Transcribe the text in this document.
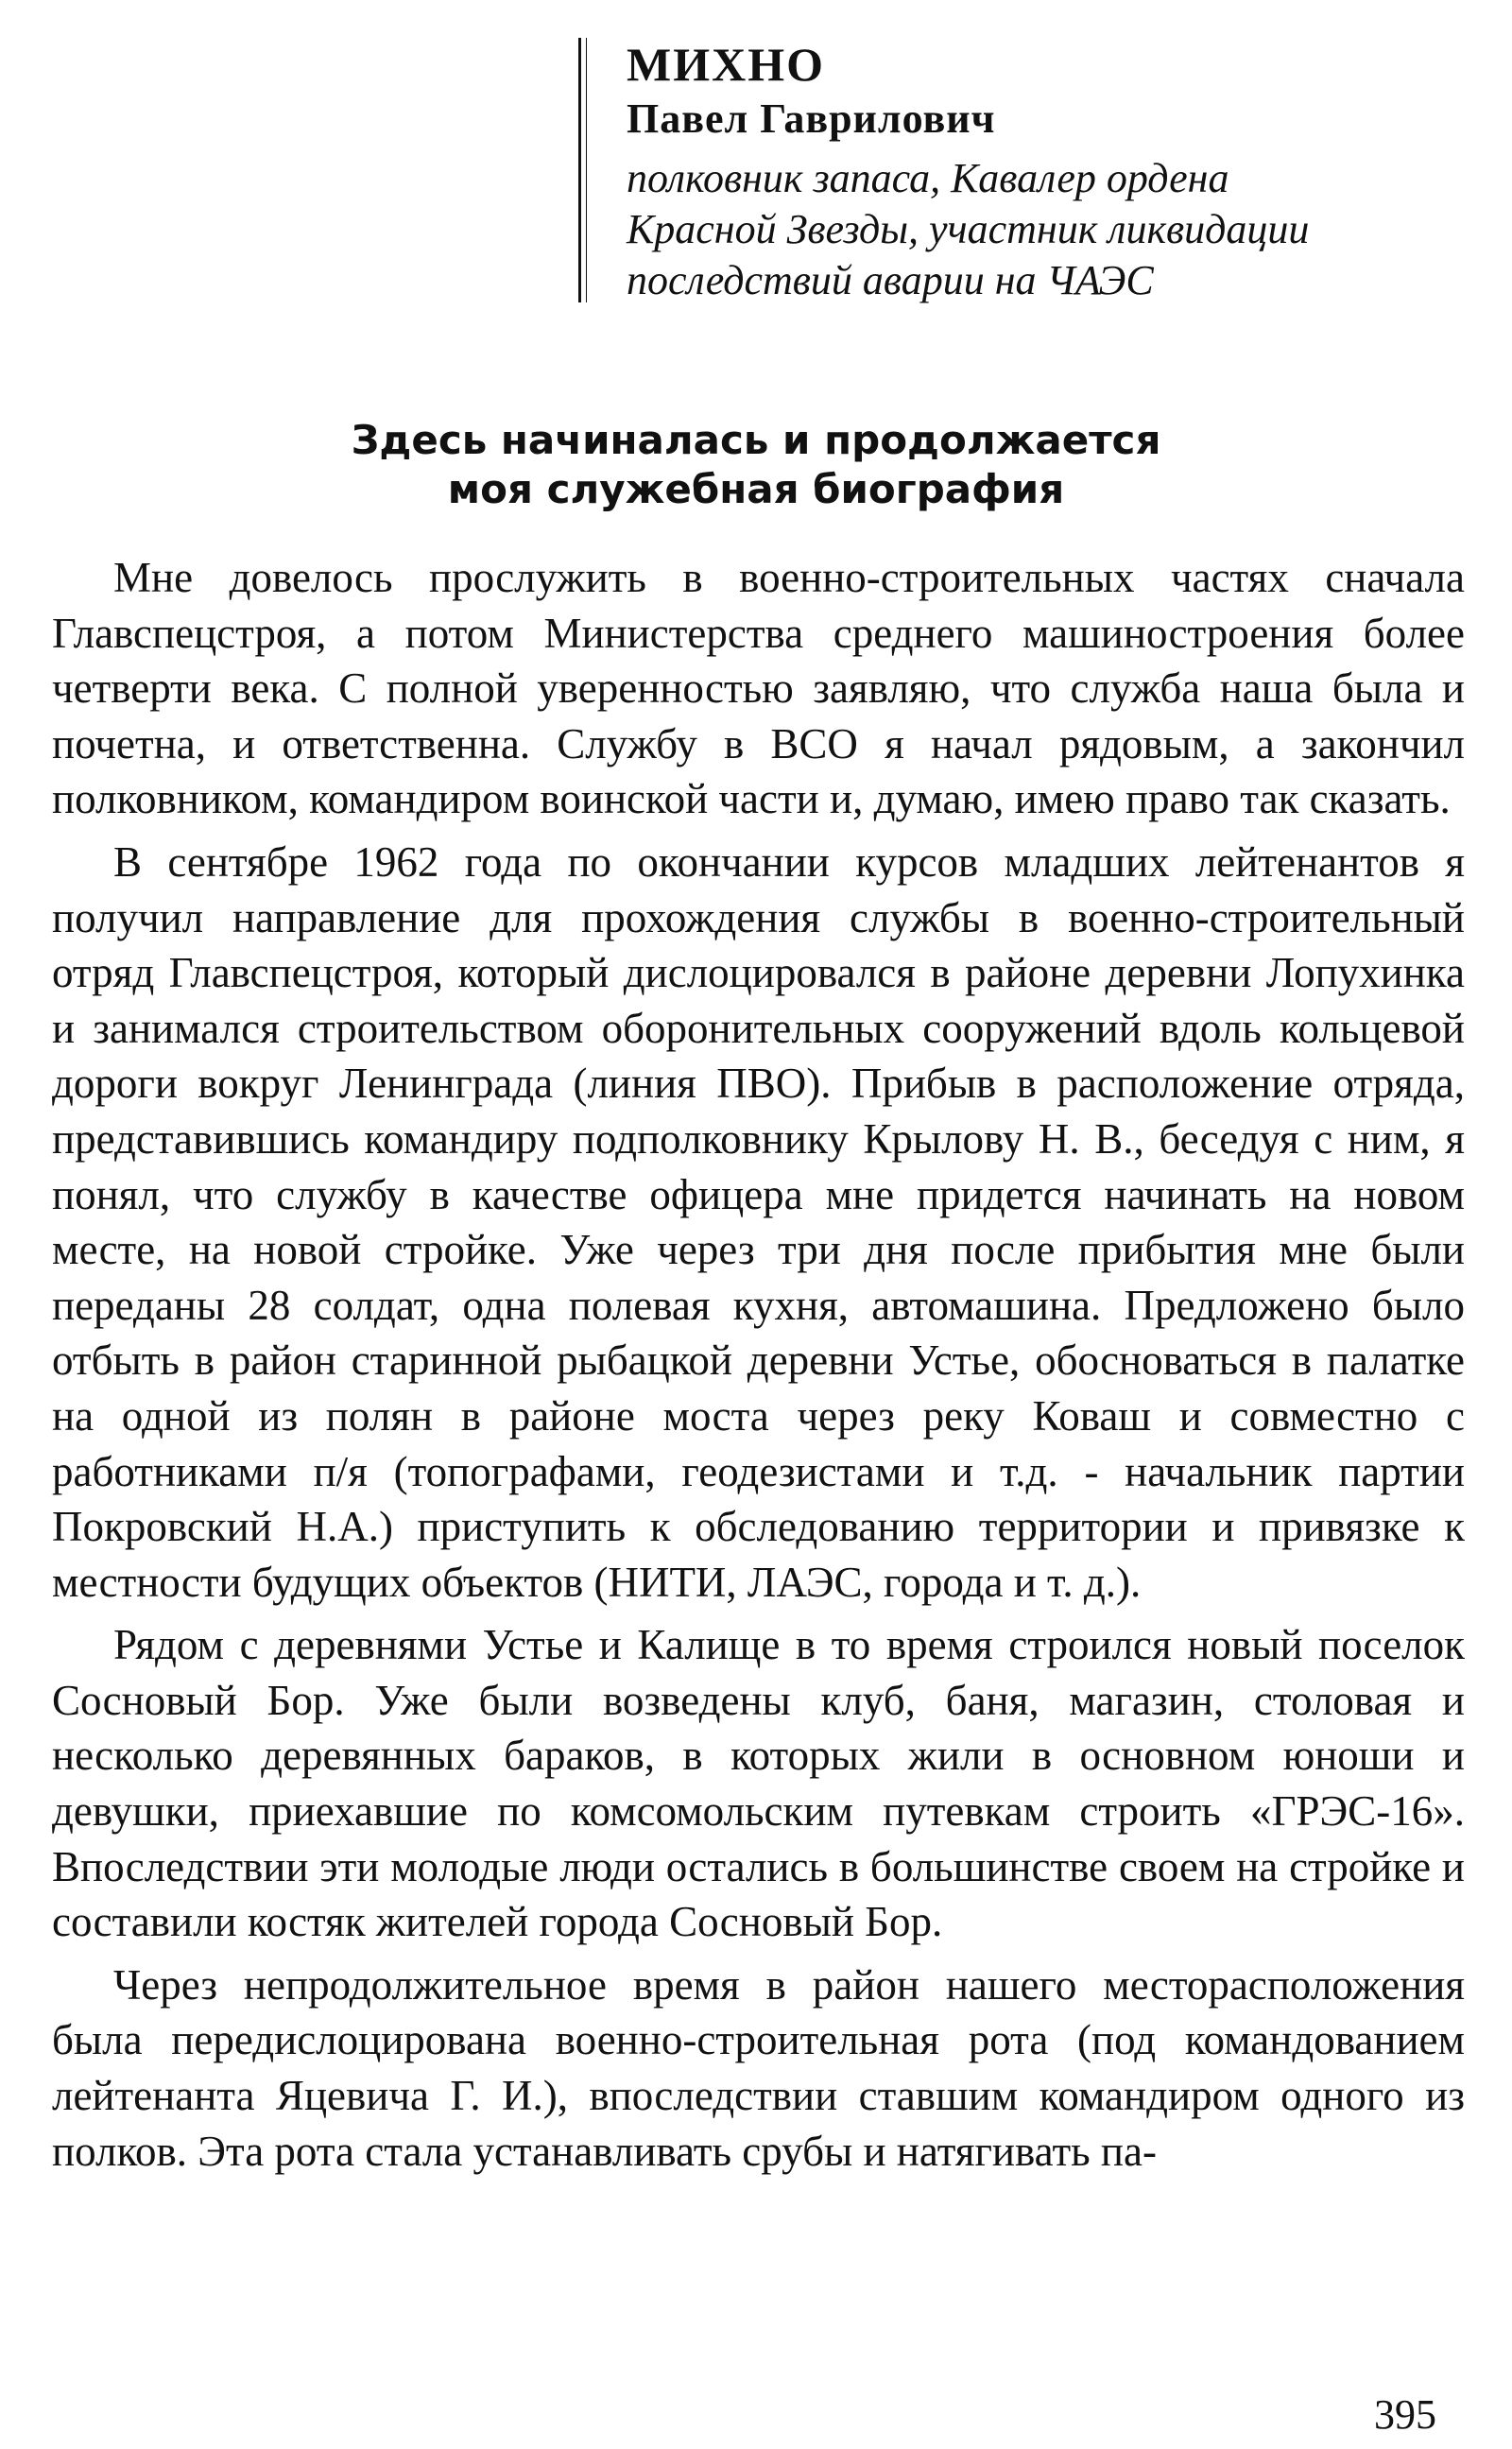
МИХНО

Павел Гаврилович

полковник запаса, Кавалер ордена

Красной Звезды, участник ликвидации

последствий аварии на ЧАЭС

Здесь начиналась и продолжается
моя служебная биография

Мне довелось прослужить в военно-строительных частях сначала Главспецстроя, а потом Министерства среднего машиностроения более четверти века. С полной уверенностью заявляю, что служба наша была и почетна, и ответственна. Службу в ВСО я начал рядовым, а закончил полковником, командиром воинской части и, думаю, имею право так сказать.

В сентябре 1962 года по окончании курсов младших лейтенантов я получил направление для прохождения службы в военно-строительный отряд Главспецстроя, который дислоцировался в районе деревни Лопухинка и занимался строительством оборонительных сооружений вдоль кольцевой дороги вокруг Ленинграда (линия ПВО). Прибыв в расположение отряда, представившись командиру подполковнику Крылову Н. В., беседуя с ним, я понял, что службу в качестве офицера мне придется начинать на новом месте, на новой стройке. Уже через три дня после прибытия мне были переданы 28 солдат, одна полевая кухня, автомашина. Предложено было отбыть в район старинной рыбацкой деревни Устье, обосноваться в палатке на одной из полян в районе моста через реку Коваш и совместно с работниками п/я (топографами, геодезистами и т.д. - начальник партии Покровский Н.А.) приступить к обследованию территории и привязке к местности будущих объектов (НИТИ, ЛАЭС, города и т. д.).

Рядом с деревнями Устье и Калище в то время строился новый поселок Сосновый Бор. Уже были возведены клуб, баня, магазин, столовая и несколько деревянных бараков, в которых жили в основном юноши и девушки, приехавшие по комсомольским путевкам строить «ГРЭС-16». Впоследствии эти молодые люди остались в большинстве своем на стройке и составили костяк жителей города Сосновый Бор.

Через непродолжительное время в район нашего месторасположения была передислоцирована военно-строительная рота (под командованием лейтенанта Яцевича Г. И.), впоследствии ставшим командиром одного из полков. Эта рота стала устанавливать срубы и натягивать па-

395
